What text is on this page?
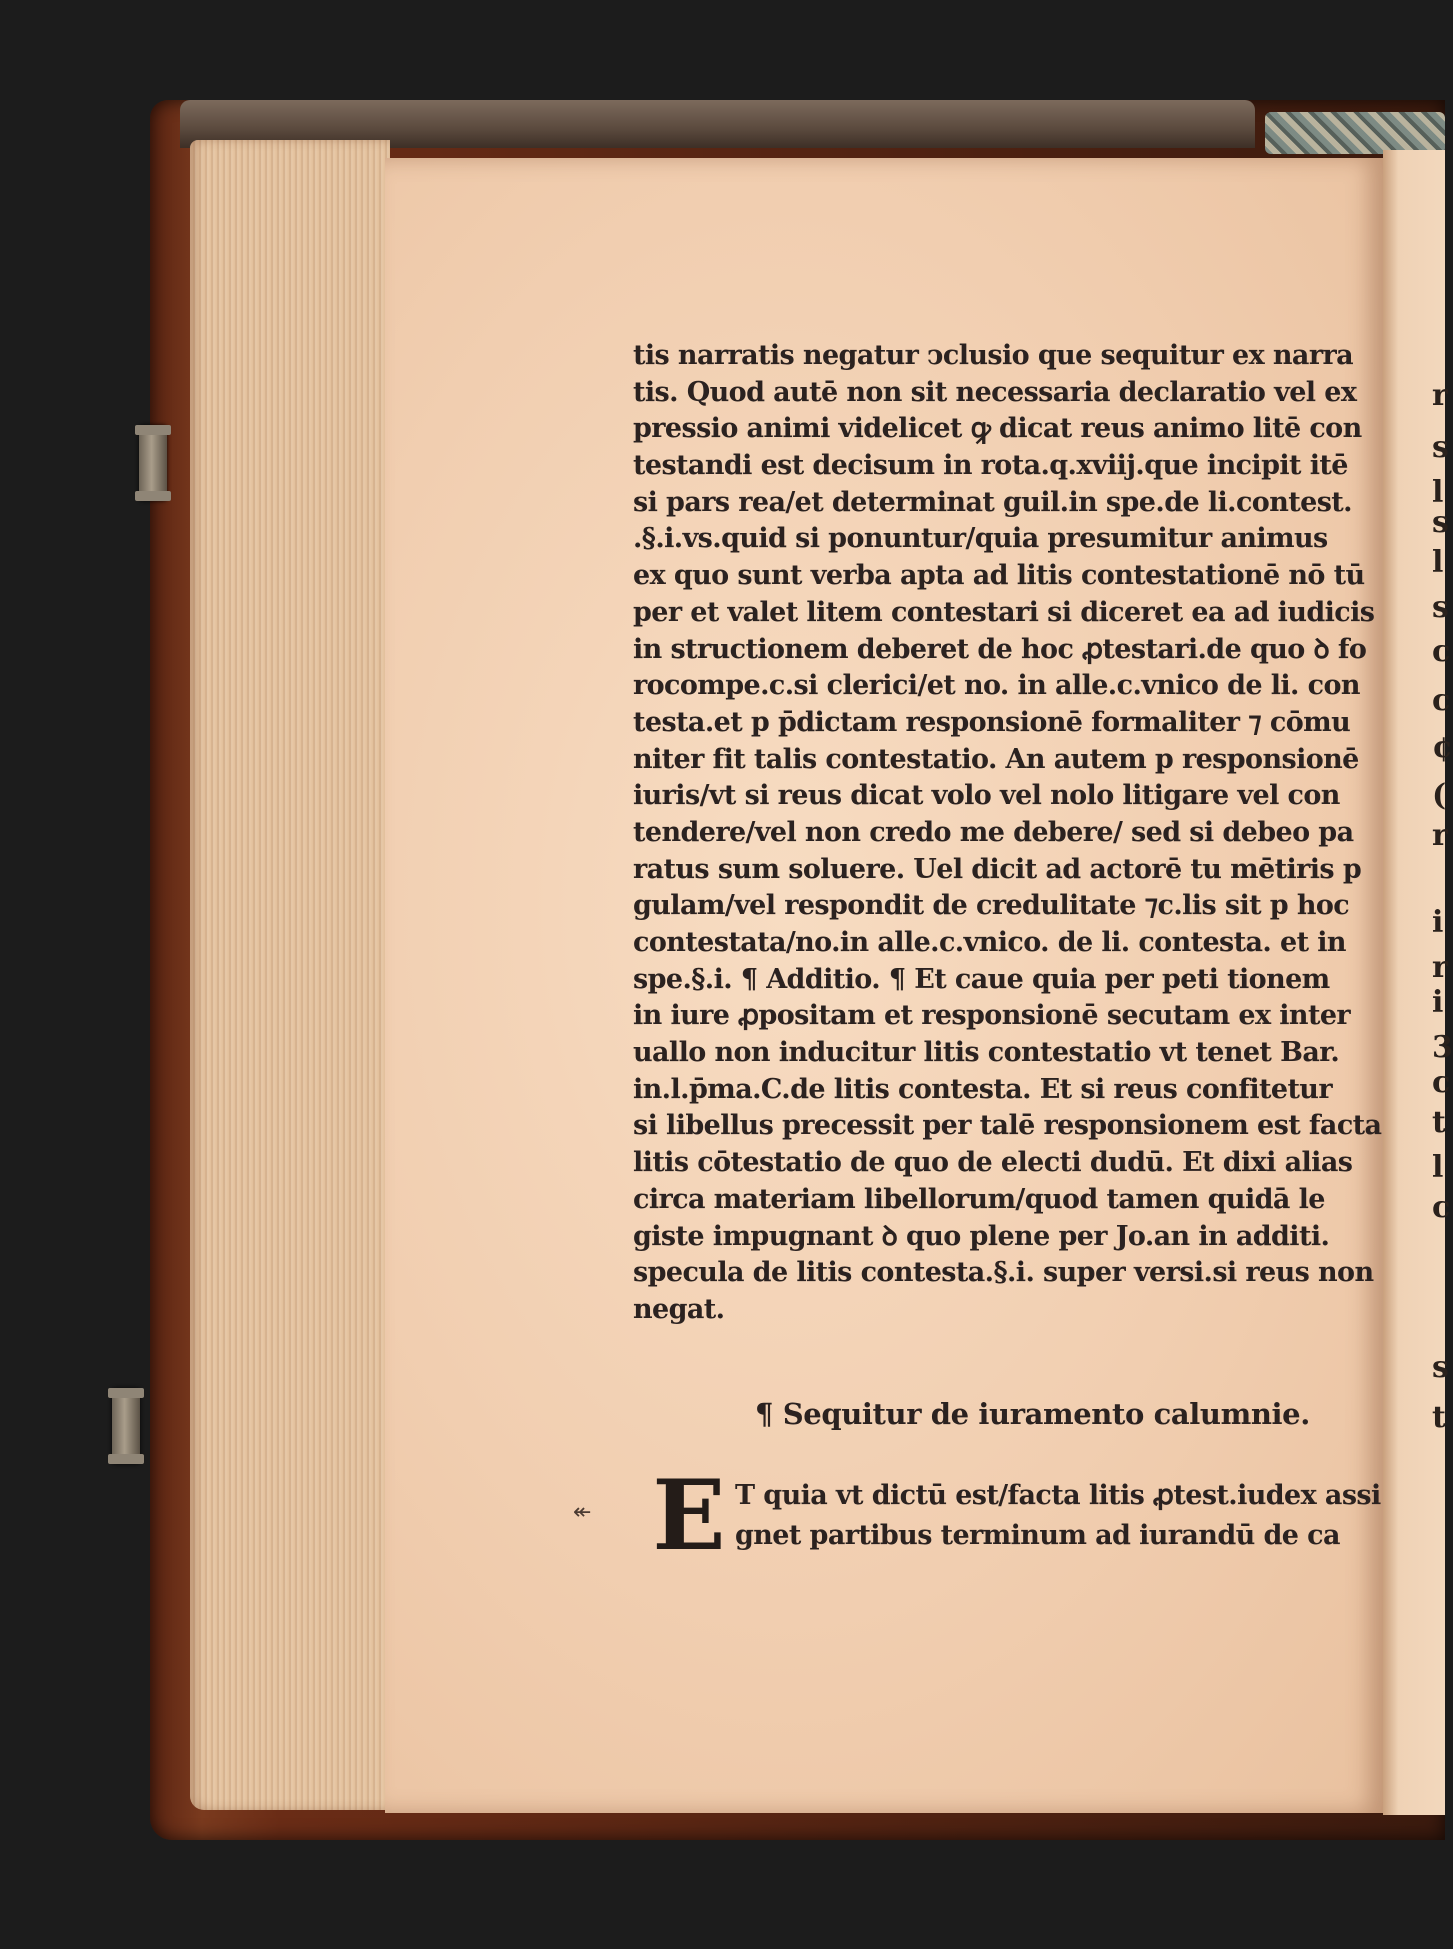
tis narratis negatur ↄclusio que sequitur ex narra
tis. Quod autē non sit necessaria declaratio vel ex
pressio animi videlicet ꝙ dicat reus animo litē con
testandi est decisum in rota.q.xviij.que incipit itē
si pars rea/et determinat guil.in spe.de li.contest.
.§.i.vs.quid si ponuntur/quia presumitur animus
ex quo sunt verba apta ad litis contestationē nō tū
per et valet litem contestari si diceret ea ad iudicis
in structionem deberet de hoc ꝓtestari.de quo ꝺ fo
rocompe.c.si clerici/et no. in alle.c.vnico de li. con
testa.et p p̄dictam responsionē formaliter ⁊ cōmu
niter fit talis contestatio. An autem p responsionē
iuris/vt si reus dicat volo vel nolo litigare vel con
tendere/vel non credo me debere/ sed si debeo pa
ratus sum soluere. Uel dicit ad actorē tu mētiris p
gulam/vel respondit de credulitate ⁊c.lis sit p hoc
contestata/no.in alle.c.vnico. de li. contesta. et in
spe.§.i. ¶ Additio. ¶ Et caue quia per peti tionem
in iure ꝓpositam et responsionē secutam ex inter
uallo non inducitur litis contestatio vt tenet Bar.
in.l.p̄ma.C.de litis contesta. Et si reus confitetur
si libellus precessit per talē responsionem est facta
litis cōtestatio de quo de electi dudū. Et dixi alias
circa materiam libellorum/quod tamen quidā le
giste impugnant ꝺ quo plene per Jo.an in additi.
specula de litis contesta.§.i. super versi.si reus non
negat.
¶ Sequitur de iuramento calumnie.
↞ E T quia vt dictū est/facta litis ꝓtest.iudex assi
gnet partibus terminum ad iurandū de ca
r
s
l
s
l
s
c
c
¢
(
r
i
r
i
3
c
t
l
c
s
t
